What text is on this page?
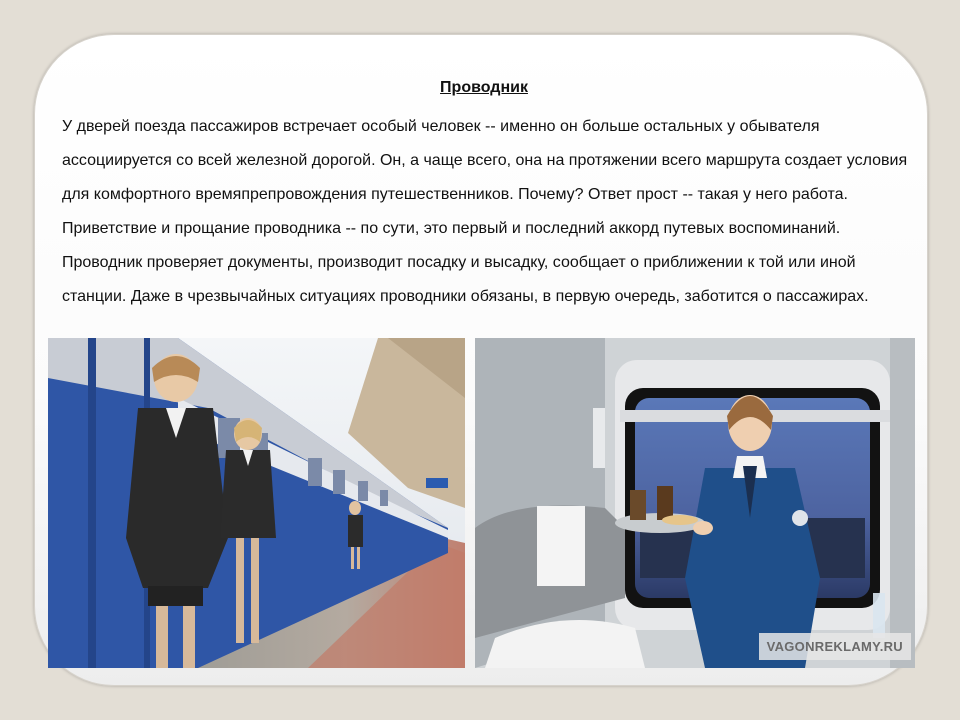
Проводник

У дверей поезда пассажиров встречает особый человек -- именно он больше остальных у обывателя ассоциируется со всей железной дорогой. Он, а чаще всего, она на протяжении всего маршрута создает условия для комфортного времяпрепровождения путешественников. Почему? Ответ прост -- такая у него работа. Приветствие и прощание проводника -- по сути, это первый и последний аккорд путевых воспоминаний. Проводник проверяет документы, производит посадку и высадку, сообщает о приближении к той или иной станции. Даже в чрезвычайных ситуациях проводники обязаны, в первую очередь, заботится о пассажирах.

VAGONREKLAMY.RU
